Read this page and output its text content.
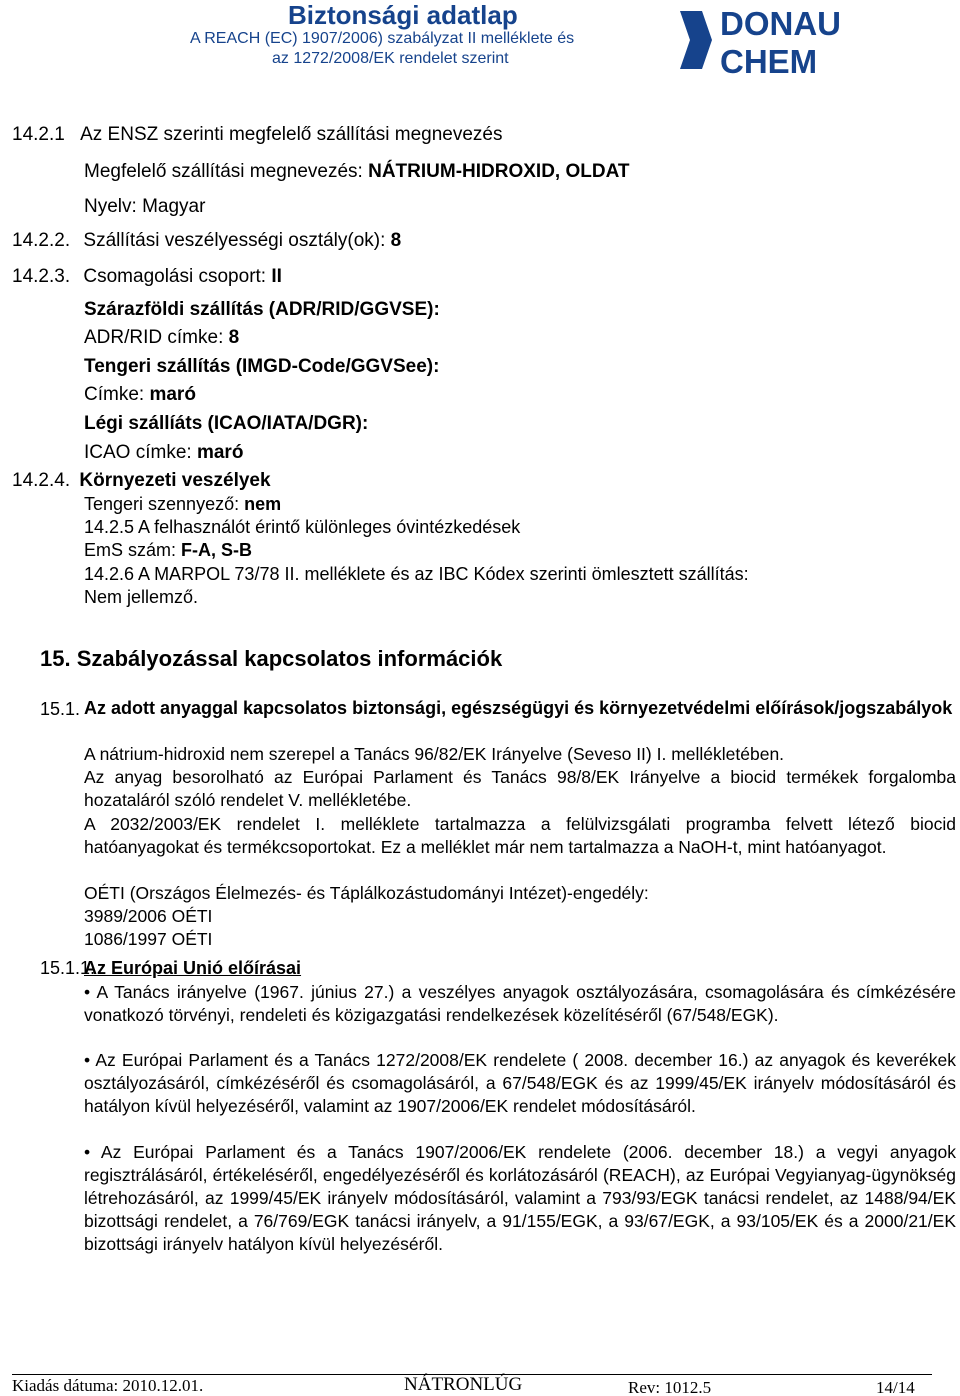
Biztonsági adatlap
A REACH (EC) 1907/2006) szabályzat II melléklete és
az 1272/2008/EK rendelet szerint
DONAU
CHEM
14.2.1 Az ENSZ szerinti megfelelő szállítási megnevezés
Megfelelő szállítási megnevezés: NÁTRIUM-HIDROXID, OLDAT
Nyelv: Magyar
14.2.2. Szállítási veszélyességi osztály(ok): 8
14.2.3. Csomagolási csoport: II
Szárazföldi szállítás (ADR/RID/GGVSE):
ADR/RID címke: 8
Tengeri szállítás (IMGD-Code/GGVSee):
Címke: maró
Légi szállíáts (ICAO/IATA/DGR):
ICAO címke: maró
14.2.4. Környezeti veszélyek
Tengeri szennyező: nem
14.2.5 A felhasználót érintő különleges óvintézkedések
EmS szám: F-A, S-B
14.2.6 A MARPOL 73/78 II. melléklete és az IBC Kódex szerinti ömlesztett szállítás:
Nem jellemző.
15. Szabályozással kapcsolatos információk
15.1. Az adott anyaggal kapcsolatos biztonsági, egészségügyi és környezetvédelmi előírások/jogszabályok
A nátrium-hidroxid nem szerepel a Tanács 96/82/EK Irányelve (Seveso II) I. mellékletében.
Az anyag besorolható az Európai Parlament és Tanács 98/8/EK Irányelve a biocid termékek forgalomba hozataláról szóló rendelet V. mellékletébe.
A 2032/2003/EK rendelet I. melléklete tartalmazza a felülvizsgálati programba felvett létező biocid hatóanyagokat és termékcsoportokat. Ez a melléklet már nem tartalmazza a NaOH-t, mint hatóanyagot.
OÉTI (Országos Élelmezés- és Táplálkozástudományi Intézet)-engedély:
3989/2006 OÉTI
1086/1997 OÉTI
15.1.1.
Az Európai Unió előírásai
• A Tanács irányelve (1967. június 27.) a veszélyes anyagok osztályozására, csomagolására és címkézésére vonatkozó törvényi, rendeleti és közigazgatási rendelkezések közelítéséről (67/548/EGK).
• Az Európai Parlament és a Tanács 1272/2008/EK rendelete ( 2008. december 16.) az anyagok és keverékek osztályozásáról, címkézéséről és csomagolásáról, a 67/548/EGK és az 1999/45/EK irányelv módosításáról és hatályon kívül helyezéséről, valamint az 1907/2006/EK rendelet módosításáról.
• Az Európai Parlament és a Tanács 1907/2006/EK rendelete (2006. december 18.) a vegyi anyagok regisztrálásáról, értékeléséről, engedélyezéséről és korlátozásáról (REACH), az Európai Vegyianyag-ügynökség létrehozásáról, az 1999/45/EK irányelv módosításáról, valamint a 793/93/EGK tanácsi rendelet, az 1488/94/EK bizottsági rendelet, a 76/769/EGK tanácsi irányelv, a 91/155/EGK, a 93/67/EGK, a 93/105/EK és a 2000/21/EK bizottsági irányelv hatályon kívül helyezéséről.
Kiadás dátuma: 2010.12.01.	NÁTRONLÚG	Rev: 1012.5	14/14
